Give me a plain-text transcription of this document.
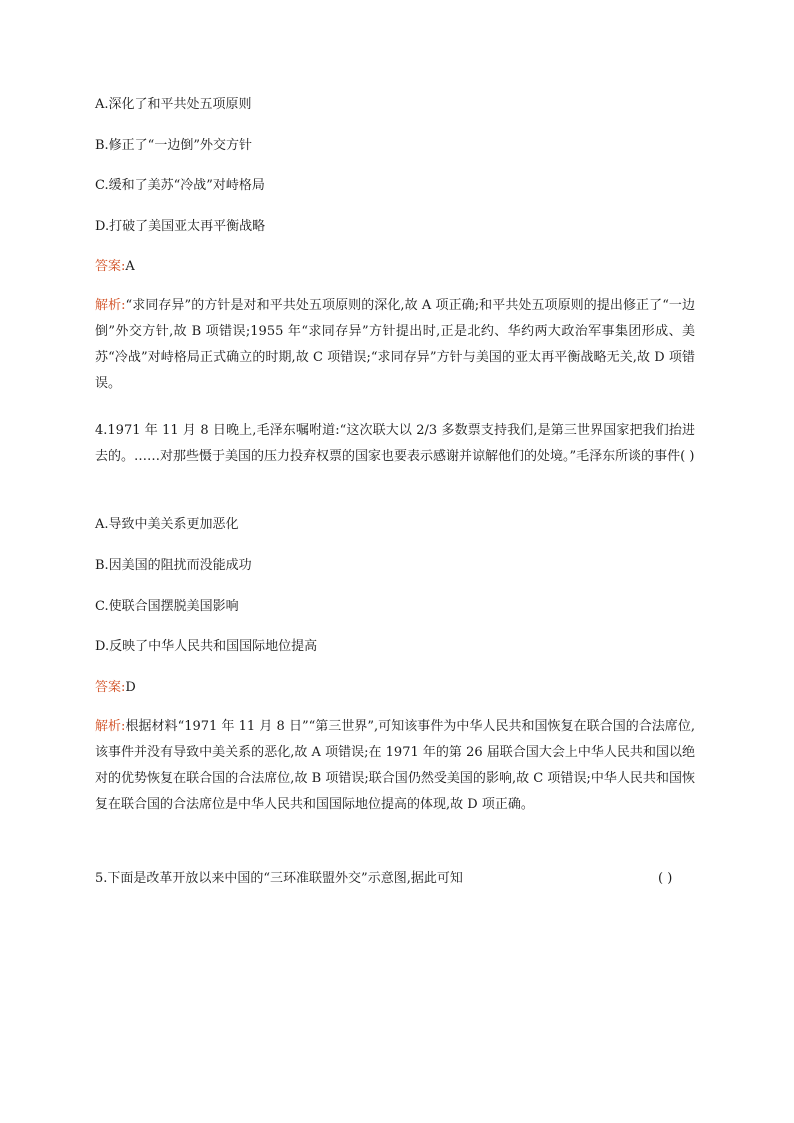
A.深化了和平共处五项原则
B.修正了“一边倒”外交方针
C.缓和了美苏“冷战”对峙格局
D.打破了美国亚太再平衡战略
答案:A
解析:“求同存异”的方针是对和平共处五项原则的深化,故 A 项正确;和平共处五项原则的提出修正了“一边倒”外交方针,故 B 项错误;1955 年“求同存异”方针提出时,正是北约、华约两大政治军事集团形成、美苏“冷战”对峙格局正式确立的时期,故 C 项错误;“求同存异”方针与美国的亚太再平衡战略无关,故 D 项错误。
4.1971 年 11 月 8 日晚上,毛泽东嘱咐道:“这次联大以 2/3 多数票支持我们,是第三世界国家把我们抬进去的。……对那些慑于美国的压力投弃权票的国家也要表示感谢并谅解他们的处境。”毛泽东所谈的事件( )
A.导致中美关系更加恶化
B.因美国的阻扰而没能成功
C.使联合国摆脱美国影响
D.反映了中华人民共和国国际地位提高
答案:D
解析:根据材料“1971 年 11 月 8 日”“第三世界”,可知该事件为中华人民共和国恢复在联合国的合法席位,该事件并没有导致中美关系的恶化,故 A 项错误;在 1971 年的第 26 届联合国大会上中华人民共和国以绝对的优势恢复在联合国的合法席位,故 B 项错误;联合国仍然受美国的影响,故 C 项错误;中华人民共和国恢复在联合国的合法席位是中华人民共和国国际地位提高的体现,故 D 项正确。
5.下面是改革开放以来中国的“三环准联盟外交”示意图,据此可知	( )
